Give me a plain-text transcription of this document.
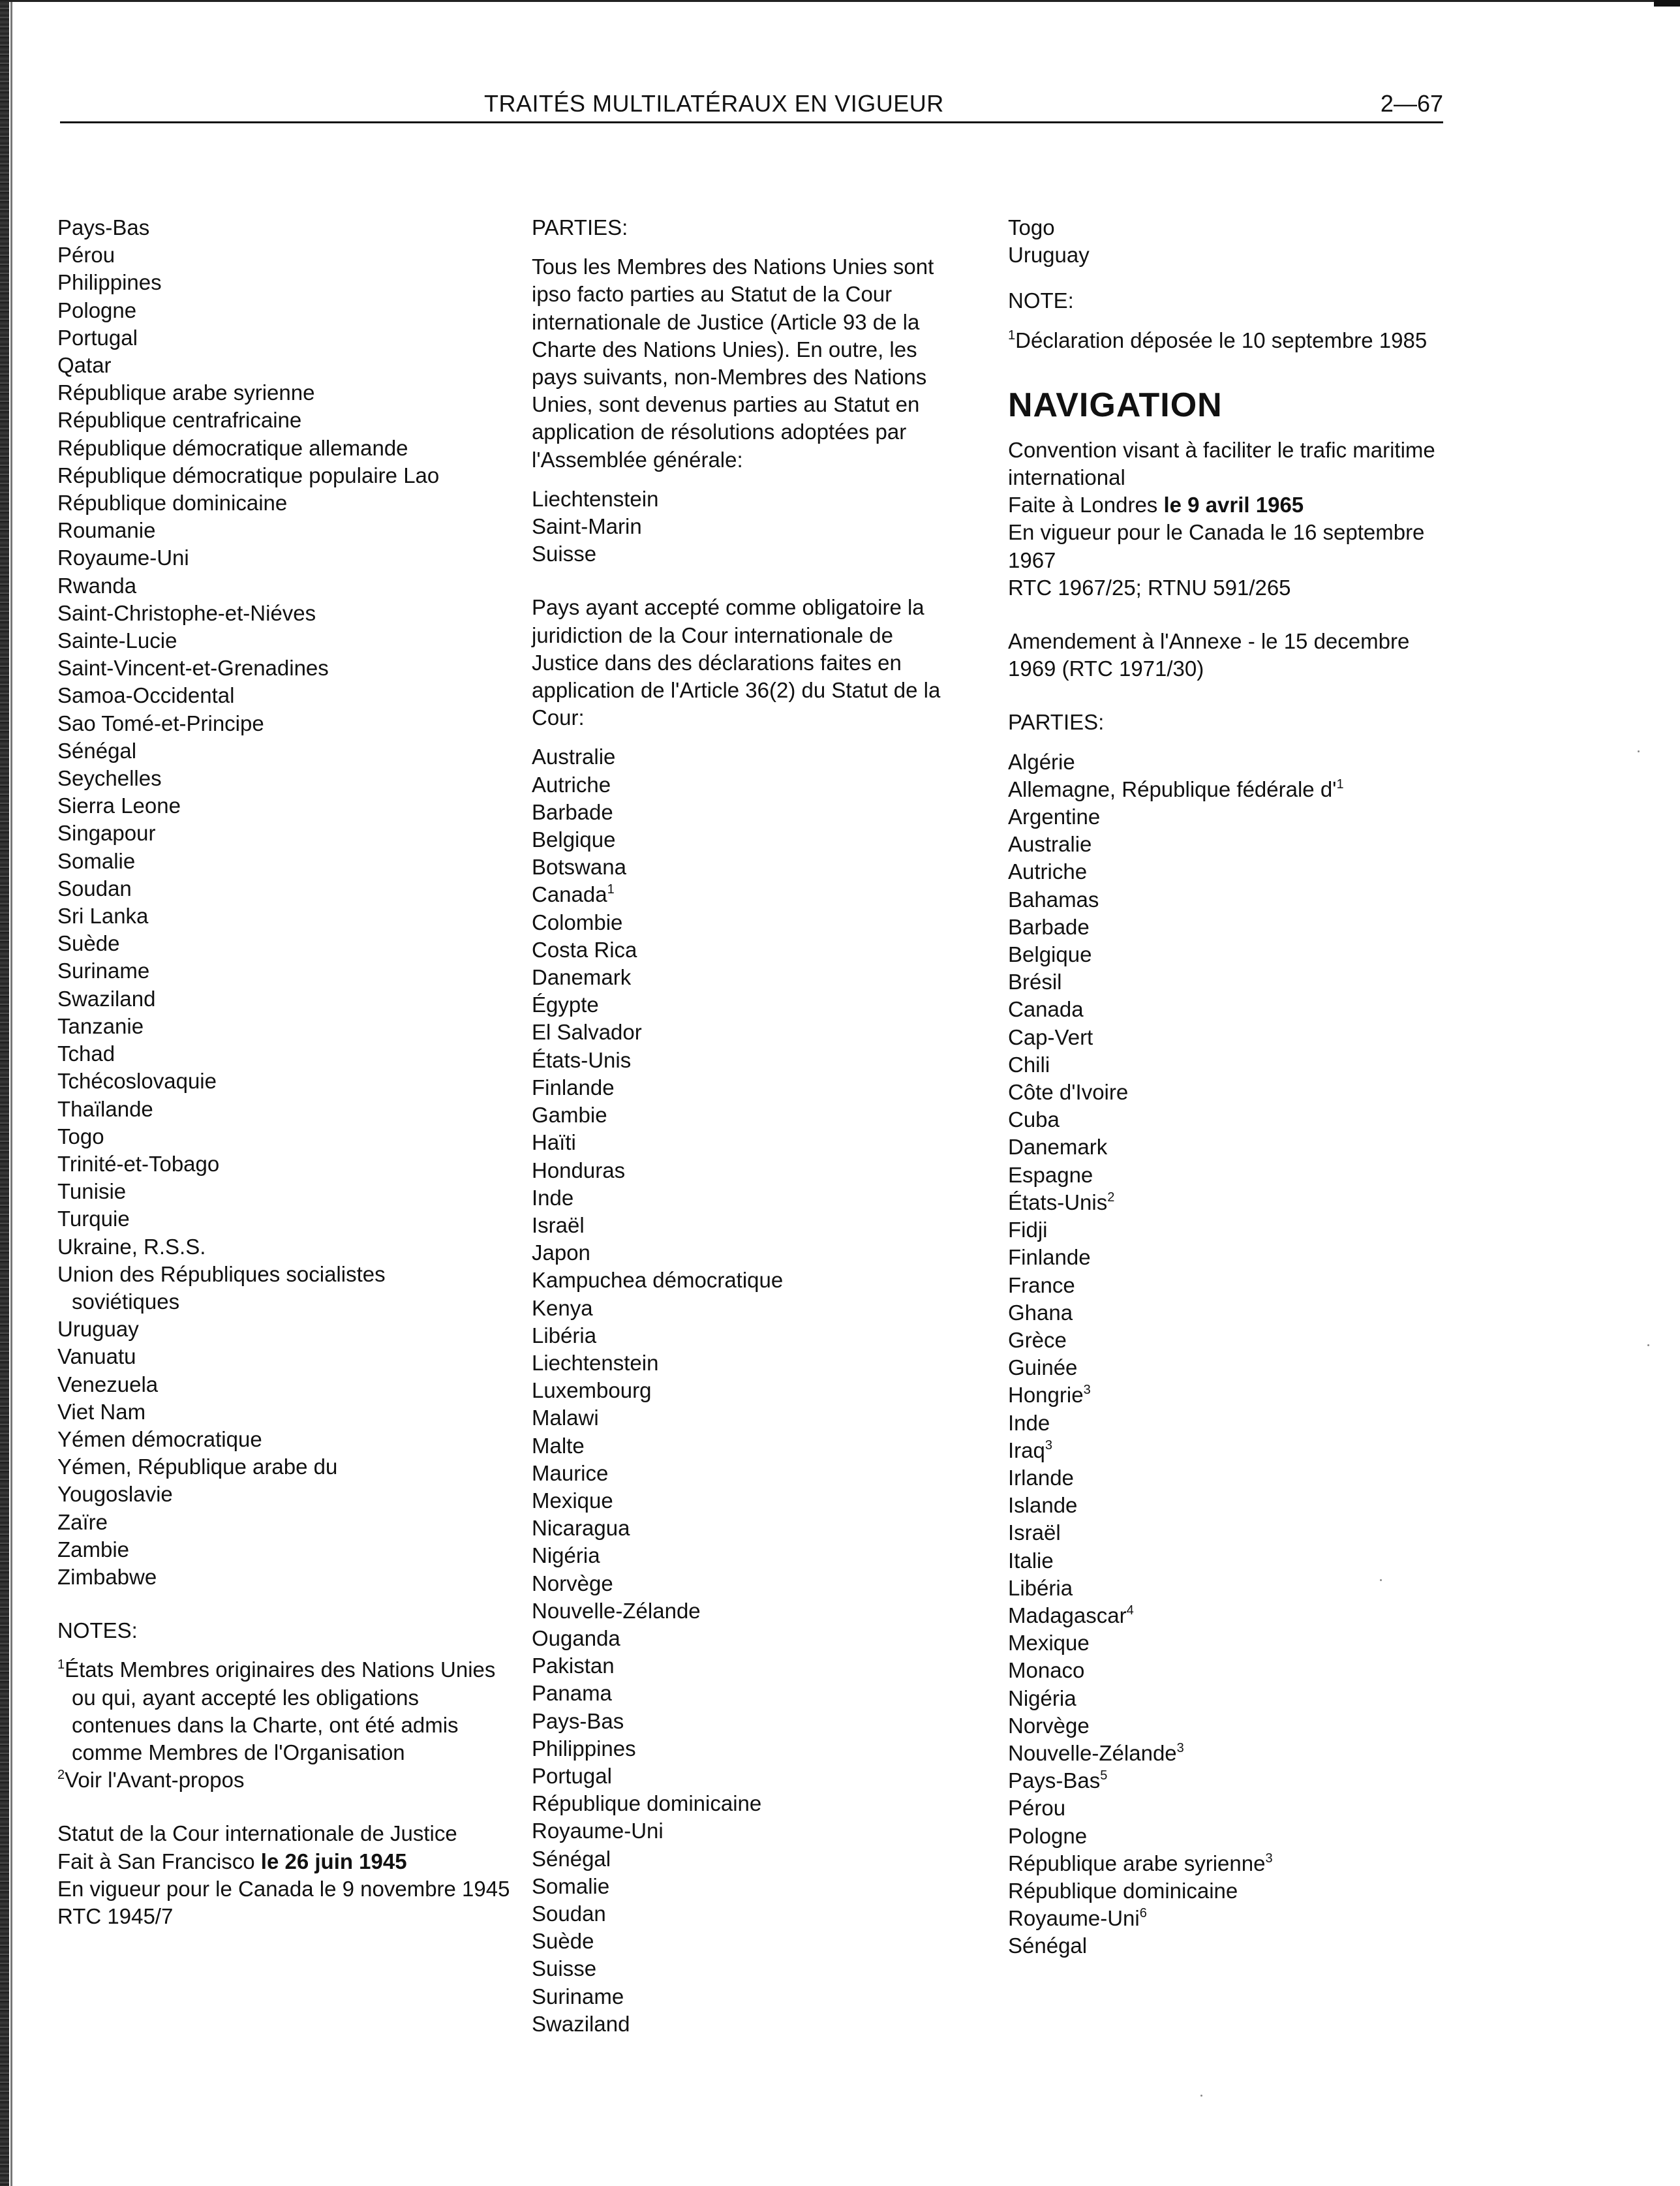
TRAITÉS MULTILATÉRAUX EN VIGUEUR	2—67
Pays-Bas
Pérou
Philippines
Pologne
Portugal
Qatar
République arabe syrienne
République centrafricaine
République démocratique allemande
République démocratique populaire Lao
République dominicaine
Roumanie
Royaume-Uni
Rwanda
Saint-Christophe-et-Niéves
Sainte-Lucie
Saint-Vincent-et-Grenadines
Samoa-Occidental
Sao Tomé-et-Principe
Sénégal
Seychelles
Sierra Leone
Singapour
Somalie
Soudan
Sri Lanka
Suède
Suriname
Swaziland
Tanzanie
Tchad
Tchécoslovaquie
Thaïlande
Togo
Trinité-et-Tobago
Tunisie
Turquie
Ukraine, R.S.S.
Union des Républiques socialistes
soviétiques
Uruguay
Vanuatu
Venezuela
Viet Nam
Yémen démocratique
Yémen, République arabe du
Yougoslavie
Zaïre
Zambie
Zimbabwe
NOTES:
$^1$États Membres originaires des Nations Unies ou qui, ayant accepté les obligations contenues dans la Charte, ont été admis comme Membres de l'Organisation
$^2$Voir l'Avant-propos
Statut de la Cour internationale de Justice
Fait à San Francisco le 26 juin 1945
En vigueur pour le Canada le 9 novembre 1945
RTC 1945/7
PARTIES:
Tous les Membres des Nations Unies sont ipso facto parties au Statut de la Cour internationale de Justice (Article 93 de la Charte des Nations Unies). En outre, les pays suivants, non-Membres des Nations Unies, sont devenus parties au Statut en application de résolutions adoptées par l'Assemblée générale:
Liechtenstein
Saint-Marin
Suisse
Pays ayant accepté comme obligatoire la juridiction de la Cour internationale de Justice dans des déclarations faites en application de l'Article 36(2) du Statut de la Cour:
Australie
Autriche
Barbade
Belgique
Botswana
Canada$^1$
Colombie
Costa Rica
Danemark
Égypte
El Salvador
États-Unis
Finlande
Gambie
Haïti
Honduras
Inde
Israël
Japon
Kampuchea démocratique
Kenya
Libéria
Liechtenstein
Luxembourg
Malawi
Malte
Maurice
Mexique
Nicaragua
Nigéria
Norvège
Nouvelle-Zélande
Ouganda
Pakistan
Panama
Pays-Bas
Philippines
Portugal
République dominicaine
Royaume-Uni
Sénégal
Somalie
Soudan
Suède
Suisse
Suriname
Swaziland
Togo
Uruguay
NOTE:
$^1$Déclaration déposée le 10 septembre 1985
NAVIGATION
Convention visant à faciliter le trafic maritime international
Faite à Londres le 9 avril 1965
En vigueur pour le Canada le 16 septembre 1967
RTC 1967/25; RTNU 591/265
Amendement à l'Annexe - le 15 decembre 1969 (RTC 1971/30)
PARTIES:
Algérie
Allemagne, République fédérale $d'^1$
Argentine
Australie
Autriche
Bahamas
Barbade
Belgique
Brésil
Canada
Cap-Vert
Chili
Côte d'Ivoire
Cuba
Danemark
Espagne
États-Unis$^2$
Fidji
Finlande
France
Ghana
Grèce
Guinée
Hongrie$^3$
Inde
Iraq$^3$
Irlande
Islande
Israël
Italie
Libéria
Madagascar$^4$
Mexique
Monaco
Nigéria
Norvège
Nouvelle-Zélande$^3$
Pays-Bas$^5$
Pérou
Pologne
République arabe syrienne$^3$
République dominicaine
Royaume-Uni$^6$
Sénégal
